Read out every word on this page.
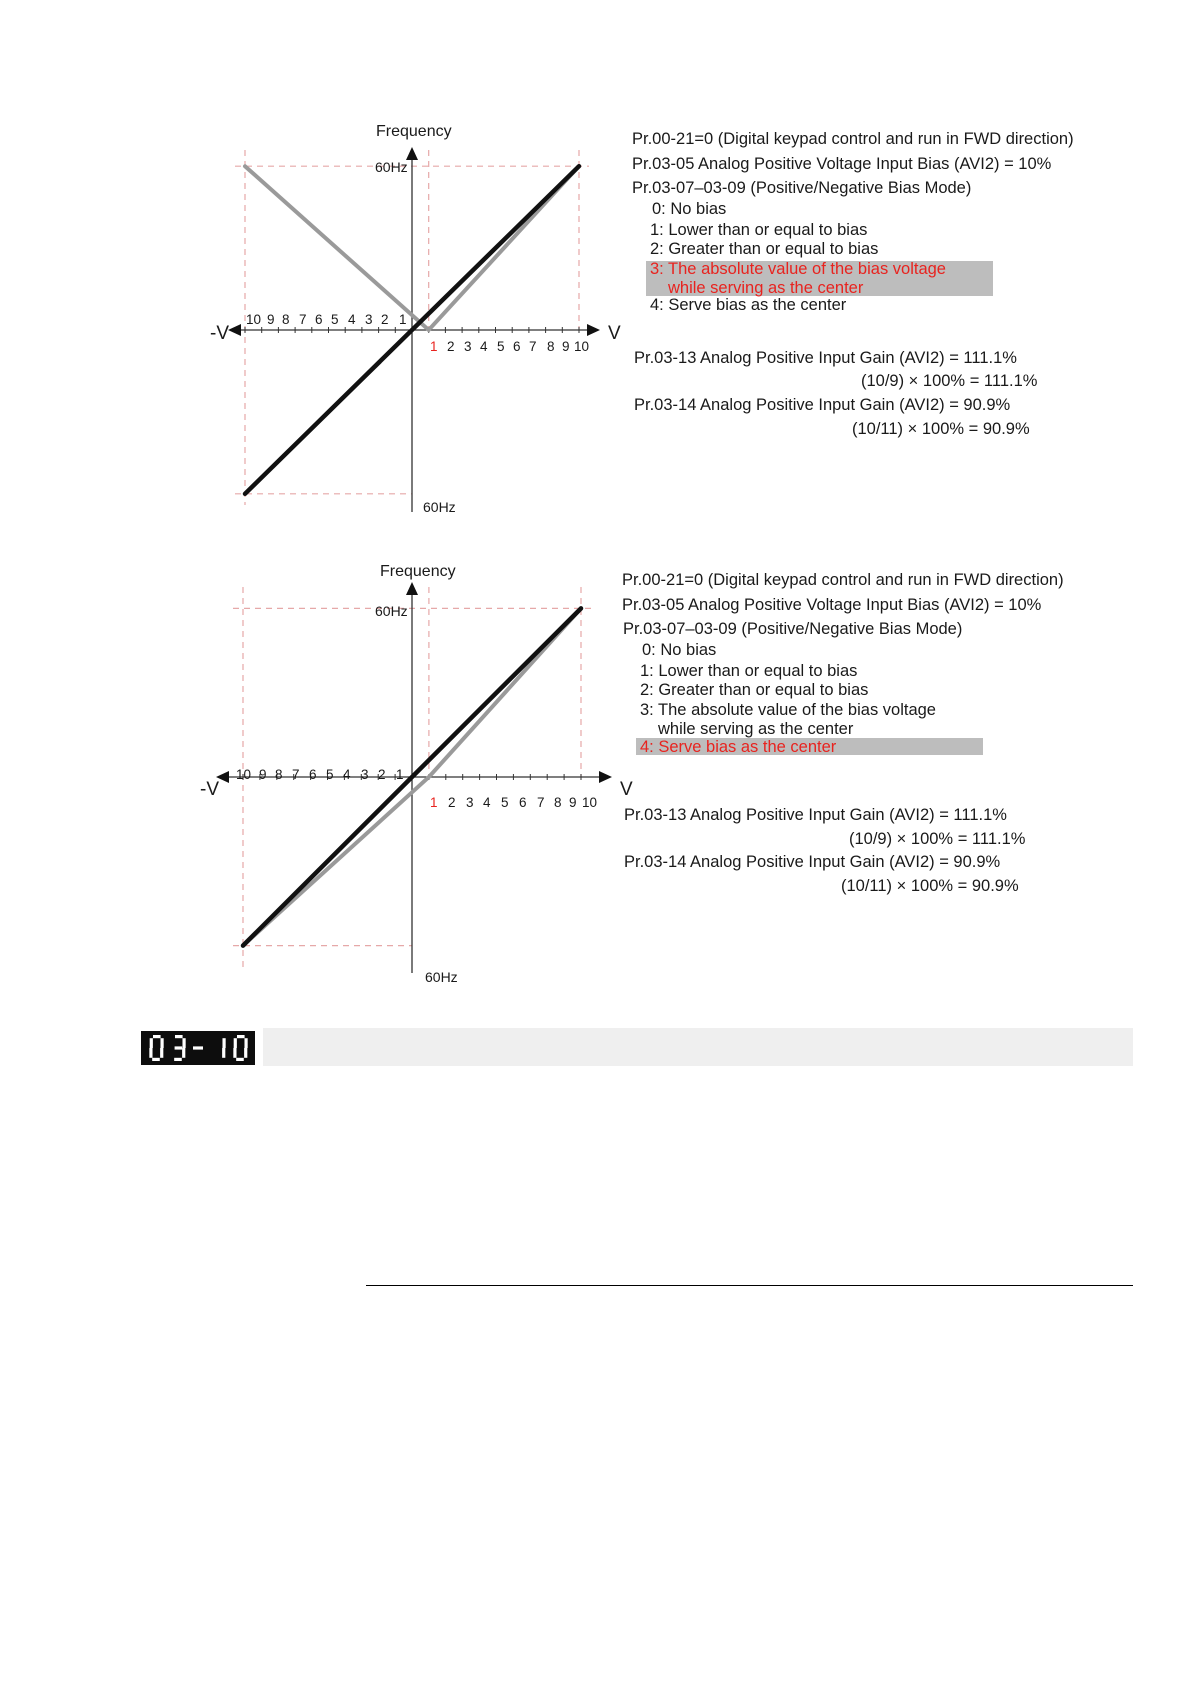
Frequency
60Hz
60Hz
-V	V
10 9 8 7 6 5 4 3 2 1
1 2 3 4 5 6 7 8 9 10
Pr.00-21=0 (Digital keypad control and run in FWD direction)
Pr.03-05 Analog Positive Voltage Input Bias (AVI2) = 10%
Pr.03-07–03-09 (Positive/Negative Bias Mode)
0: No bias
1: Lower than or equal to bias
2: Greater than or equal to bias
3: The absolute value of the bias voltage
while serving as the center
4: Serve bias as the center
Pr.03-13 Analog Positive Input Gain (AVI2) = 111.1%
(10/9) × 100% = 111.1%
Pr.03-14 Analog Positive Input Gain (AVI2) = 90.9%
(10/11) × 100% = 90.9%
Frequency
60Hz
60Hz
-V	V
10 9 8 7 6 5 4 3 2 1
1 2 3 4 5 6 7 8 9 10
Pr.00-21=0 (Digital keypad control and run in FWD direction)
Pr.03-05 Analog Positive Voltage Input Bias (AVI2) = 10%
Pr.03-07–03-09 (Positive/Negative Bias Mode)
0: No bias
1: Lower than or equal to bias
2: Greater than or equal to bias
3: The absolute value of the bias voltage
while serving as the center
4: Serve bias as the center
Pr.03-13 Analog Positive Input Gain (AVI2) = 111.1%
(10/9) × 100% = 111.1%
Pr.03-14 Analog Positive Input Gain (AVI2) = 90.9%
(10/11) × 100% = 90.9%
